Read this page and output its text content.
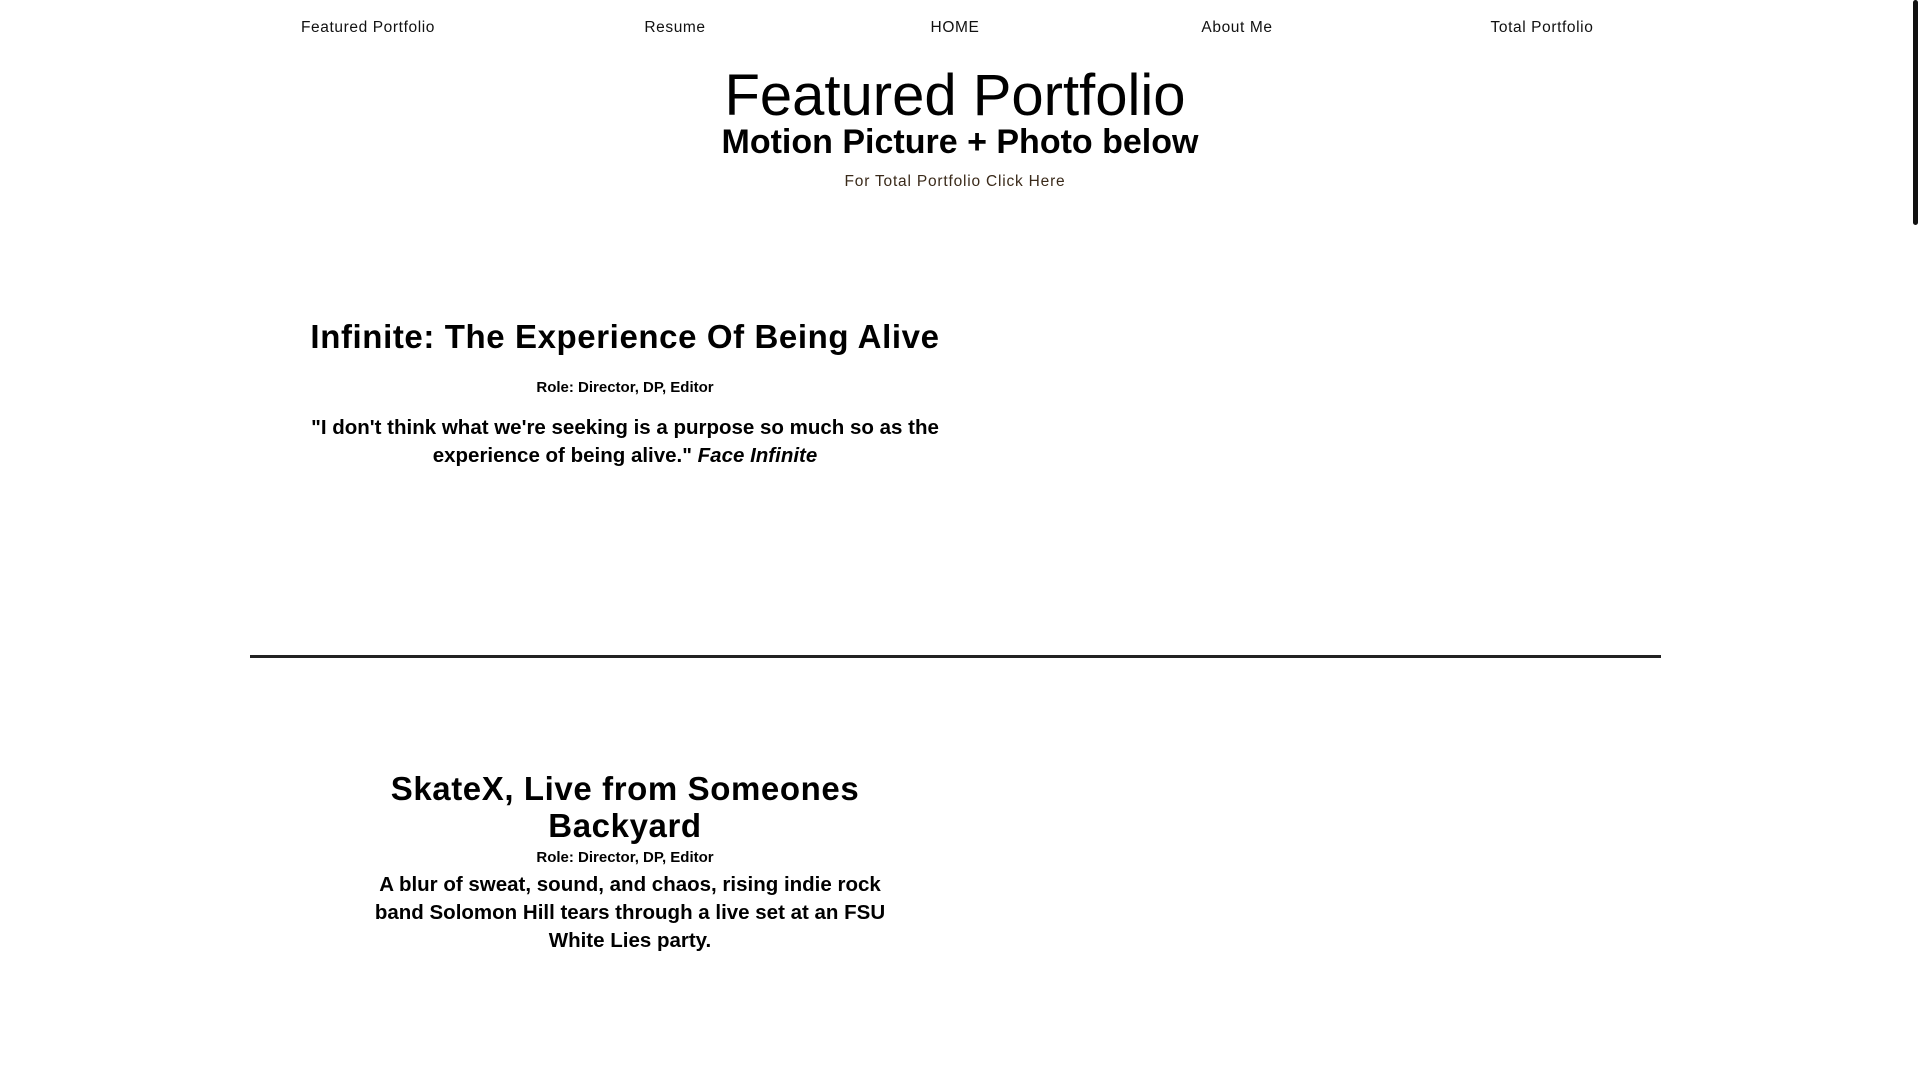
Featured Portfolio	Resume	HOME	About Me	Total Portfolio
Featured Portfolio
Motion Picture + Photo below
For Total Portfolio Click Here
Infinite: The Experience Of Being Alive

Role: Director, DP, Editor

"I don't think what we're seeking is a purpose so much so as the experience of being alive." Face Infinite

SkateX, Live from Someones Backyard

Role: Director, DP, Editor

A blur of sweat, sound, and chaos, rising indie rock band Solomon Hill tears through a live set at an FSU White Lies party.
